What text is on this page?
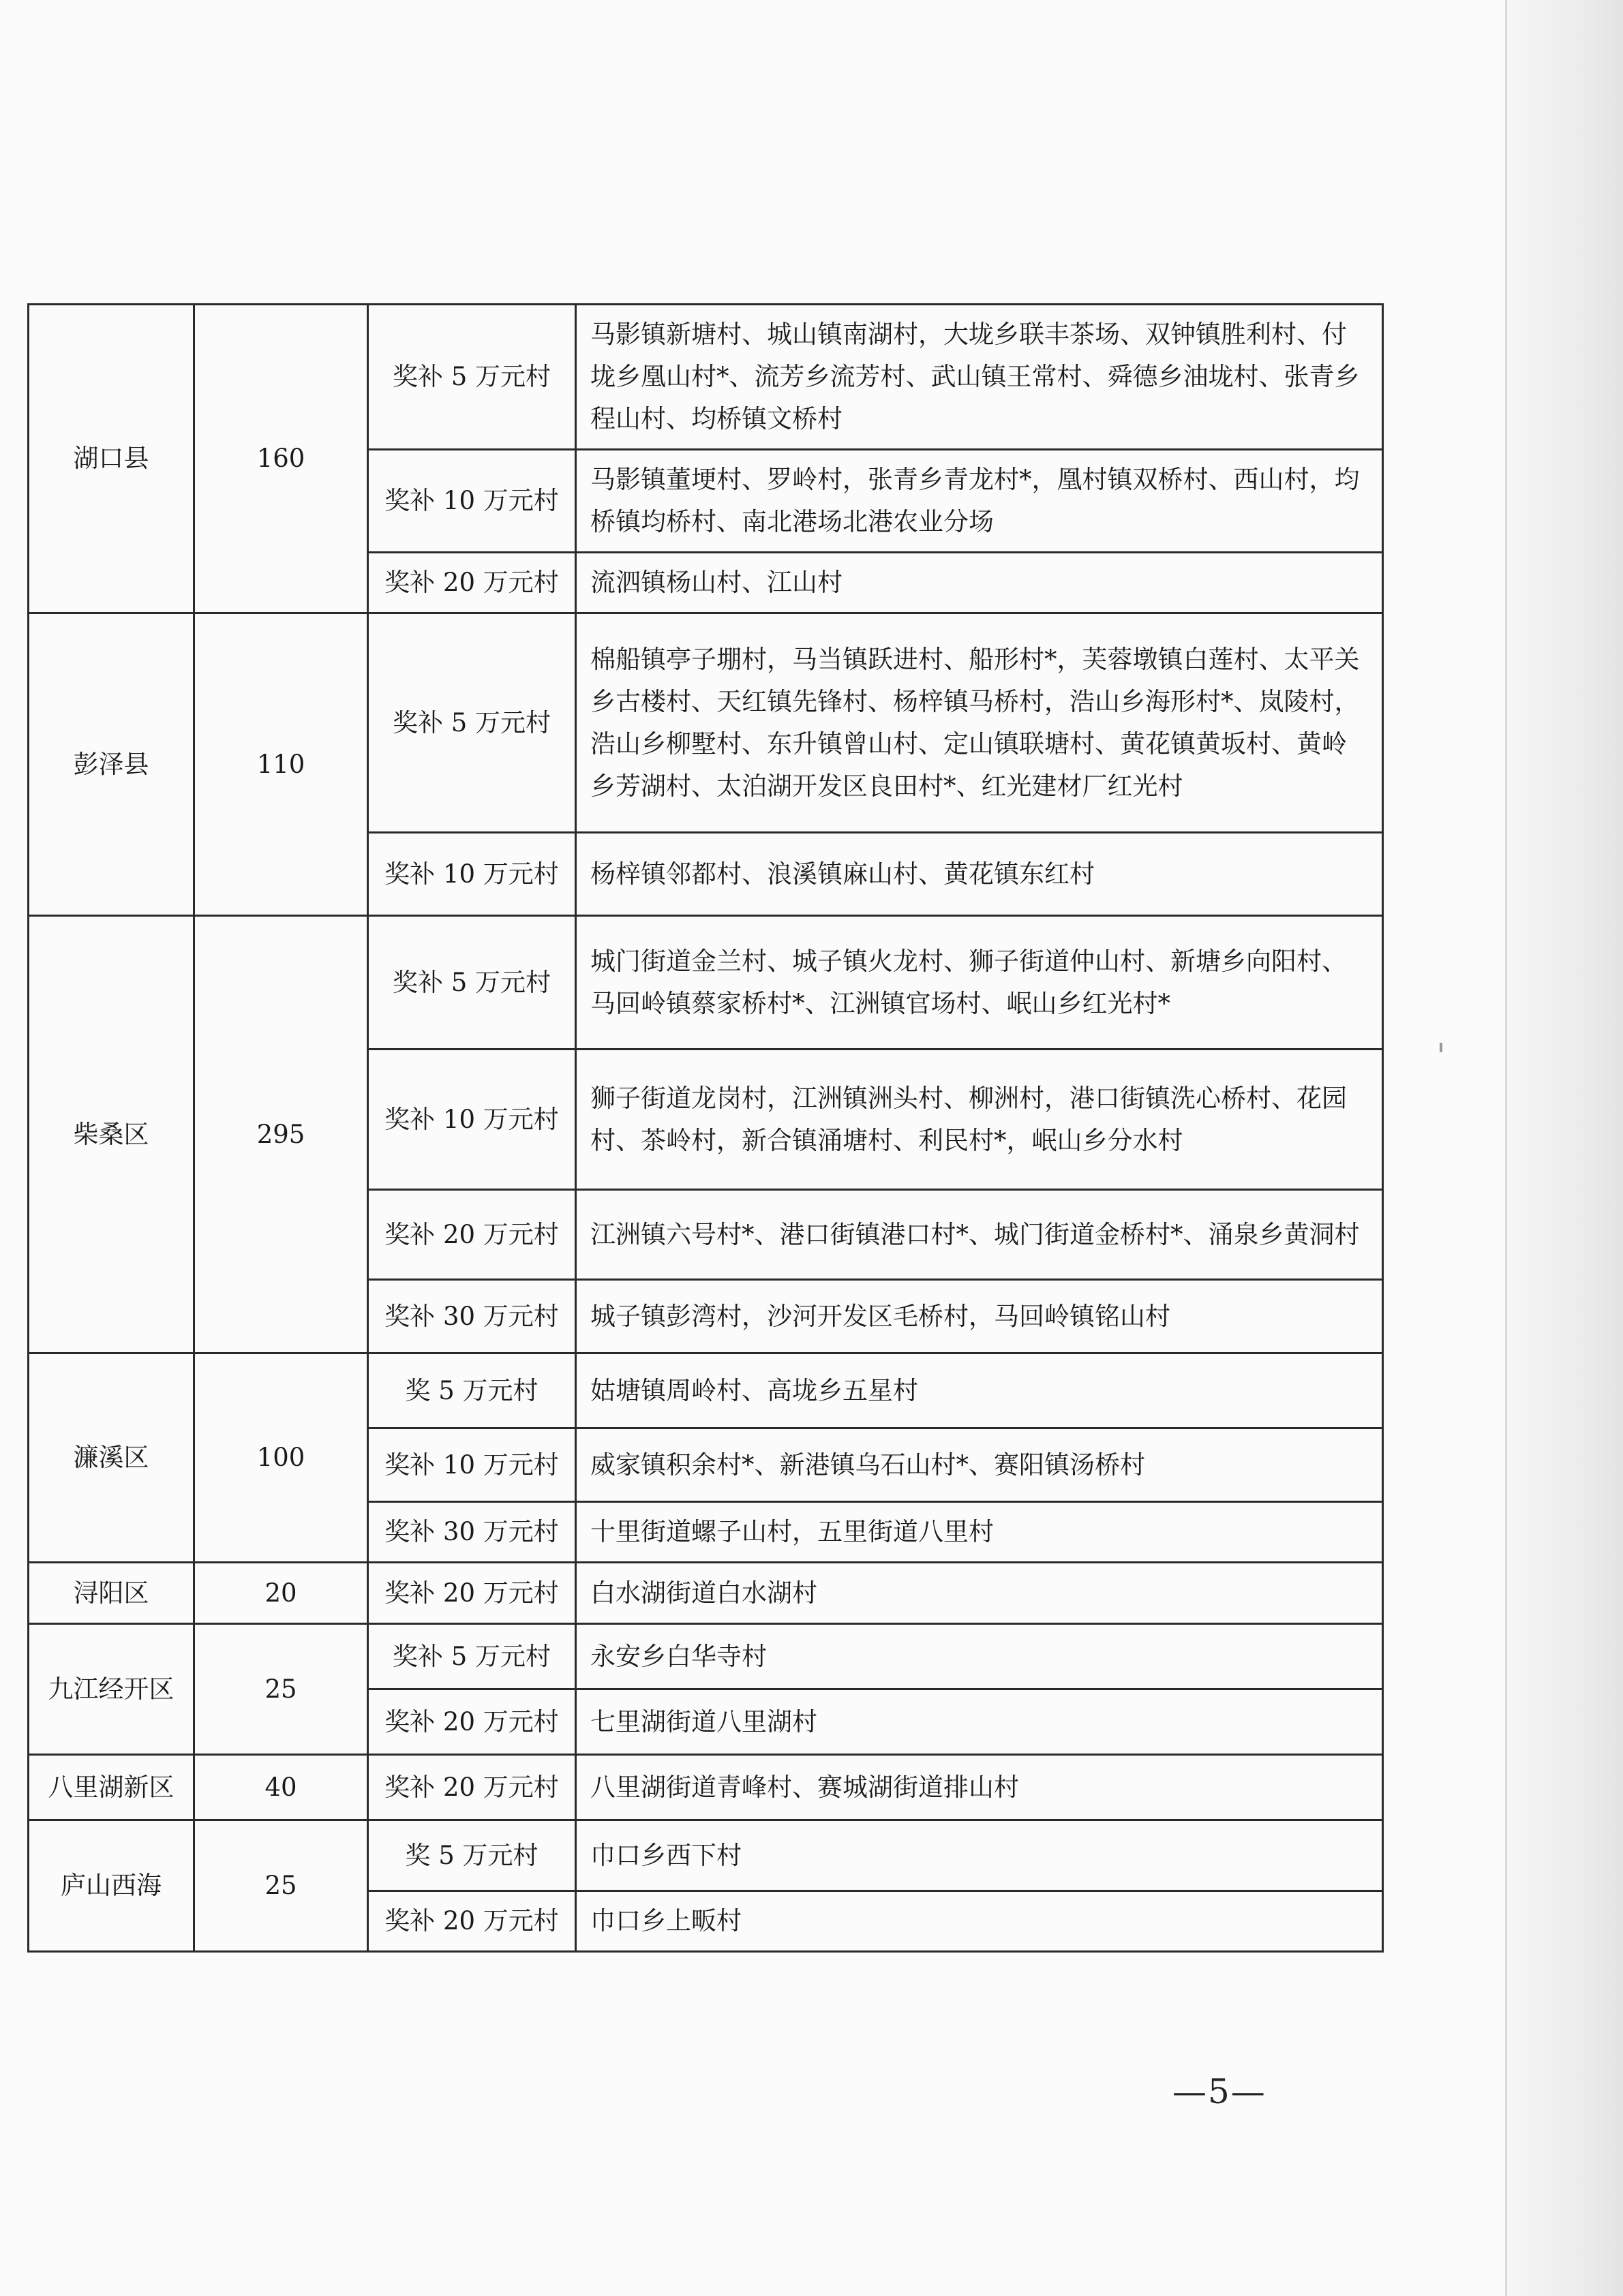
湖口县	160	奖补 5 万元村	马影镇新塘村、城山镇南湖村，大垅乡联丰茶场、双钟镇胜利村、付垅乡凰山村*、流芳乡流芳村、武山镇王常村、舜德乡油垅村、张青乡程山村、均桥镇文桥村
		奖补 10 万元村	马影镇董埂村、罗岭村，张青乡青龙村*，凰村镇双桥村、西山村，均桥镇均桥村、南北港场北港农业分场
		奖补 20 万元村	流泗镇杨山村、江山村
彭泽县	110	奖补 5 万元村	棉船镇亭子堋村，马当镇跃进村、船形村*，芙蓉墩镇白莲村、太平关乡古楼村、天红镇先锋村、杨梓镇马桥村，浩山乡海形村*、岚陵村，浩山乡柳墅村、东升镇曾山村、定山镇联塘村、黄花镇黄坂村、黄岭乡芳湖村、太泊湖开发区良田村*、红光建材厂红光村
		奖补 10 万元村	杨梓镇邻都村、浪溪镇麻山村、黄花镇东红村
柴桑区	295	奖补 5 万元村	城门街道金兰村、城子镇火龙村、狮子街道仲山村、新塘乡向阳村、马回岭镇蔡家桥村*、江洲镇官场村、岷山乡红光村*
		奖补 10 万元村	狮子街道龙岗村，江洲镇洲头村、柳洲村，港口街镇洗心桥村、花园村、茶岭村，新合镇涌塘村、利民村*，岷山乡分水村
		奖补 20 万元村	江洲镇六号村*、港口街镇港口村*、城门街道金桥村*、涌泉乡黄洞村
		奖补 30 万元村	城子镇彭湾村，沙河开发区毛桥村，马回岭镇铭山村
濂溪区	100	奖 5 万元村	姑塘镇周岭村、高垅乡五星村
		奖补 10 万元村	威家镇积余村*、新港镇乌石山村*、赛阳镇汤桥村
		奖补 30 万元村	十里街道螺子山村，五里街道八里村
浔阳区	20	奖补 20 万元村	白水湖街道白水湖村
九江经开区	25	奖补 5 万元村	永安乡白华寺村
		奖补 20 万元村	七里湖街道八里湖村
八里湖新区	40	奖补 20 万元村	八里湖街道青峰村、赛城湖街道排山村
庐山西海	25	奖 5 万元村	巾口乡西下村
		奖补 20 万元村	巾口乡上畈村
—5—
